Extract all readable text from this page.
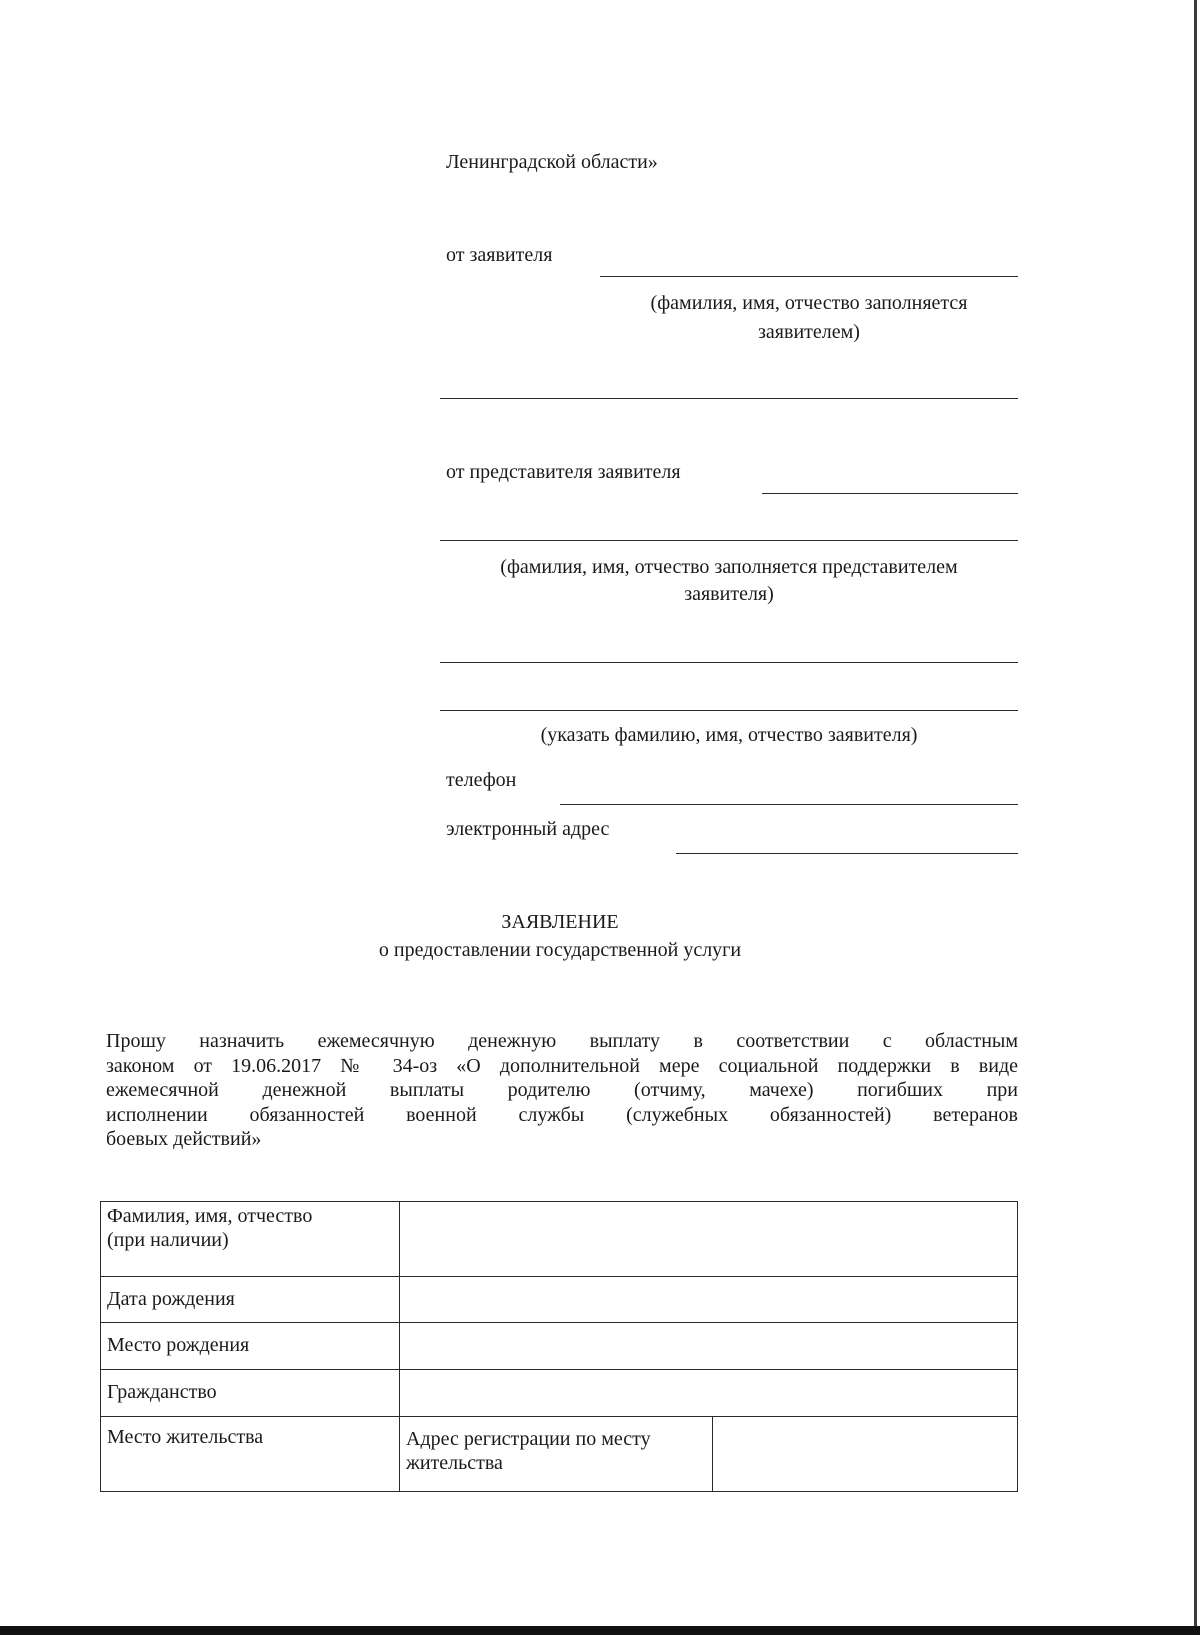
Ленинградской области»
от заявителя
(фамилия, имя, отчество заполняется
заявителем)
от представителя заявителя
(фамилия, имя, отчество заполняется представителем
заявителя)
(указать фамилию, имя, отчество заявителя)
телефон
электронный адрес
ЗАЯВЛЕНИЕ
о предоставлении государственной услуги
Прошу назначить ежемесячную денежную выплату в соответствии с областным
законом от 19.06.2017 № 34-оз «О дополнительной мере социальной поддержки в виде
ежемесячной денежной выплаты родителю (отчиму, мачехе) погибших при
исполнении обязанностей военной службы (служебных обязанностей) ветеранов
боевых действий»
Фамилия, имя, отчество
(при наличии)		

Дата рождения		
Место рождения		
Гражданство		
Место жительства	Адрес регистрации по месту
жительства	
